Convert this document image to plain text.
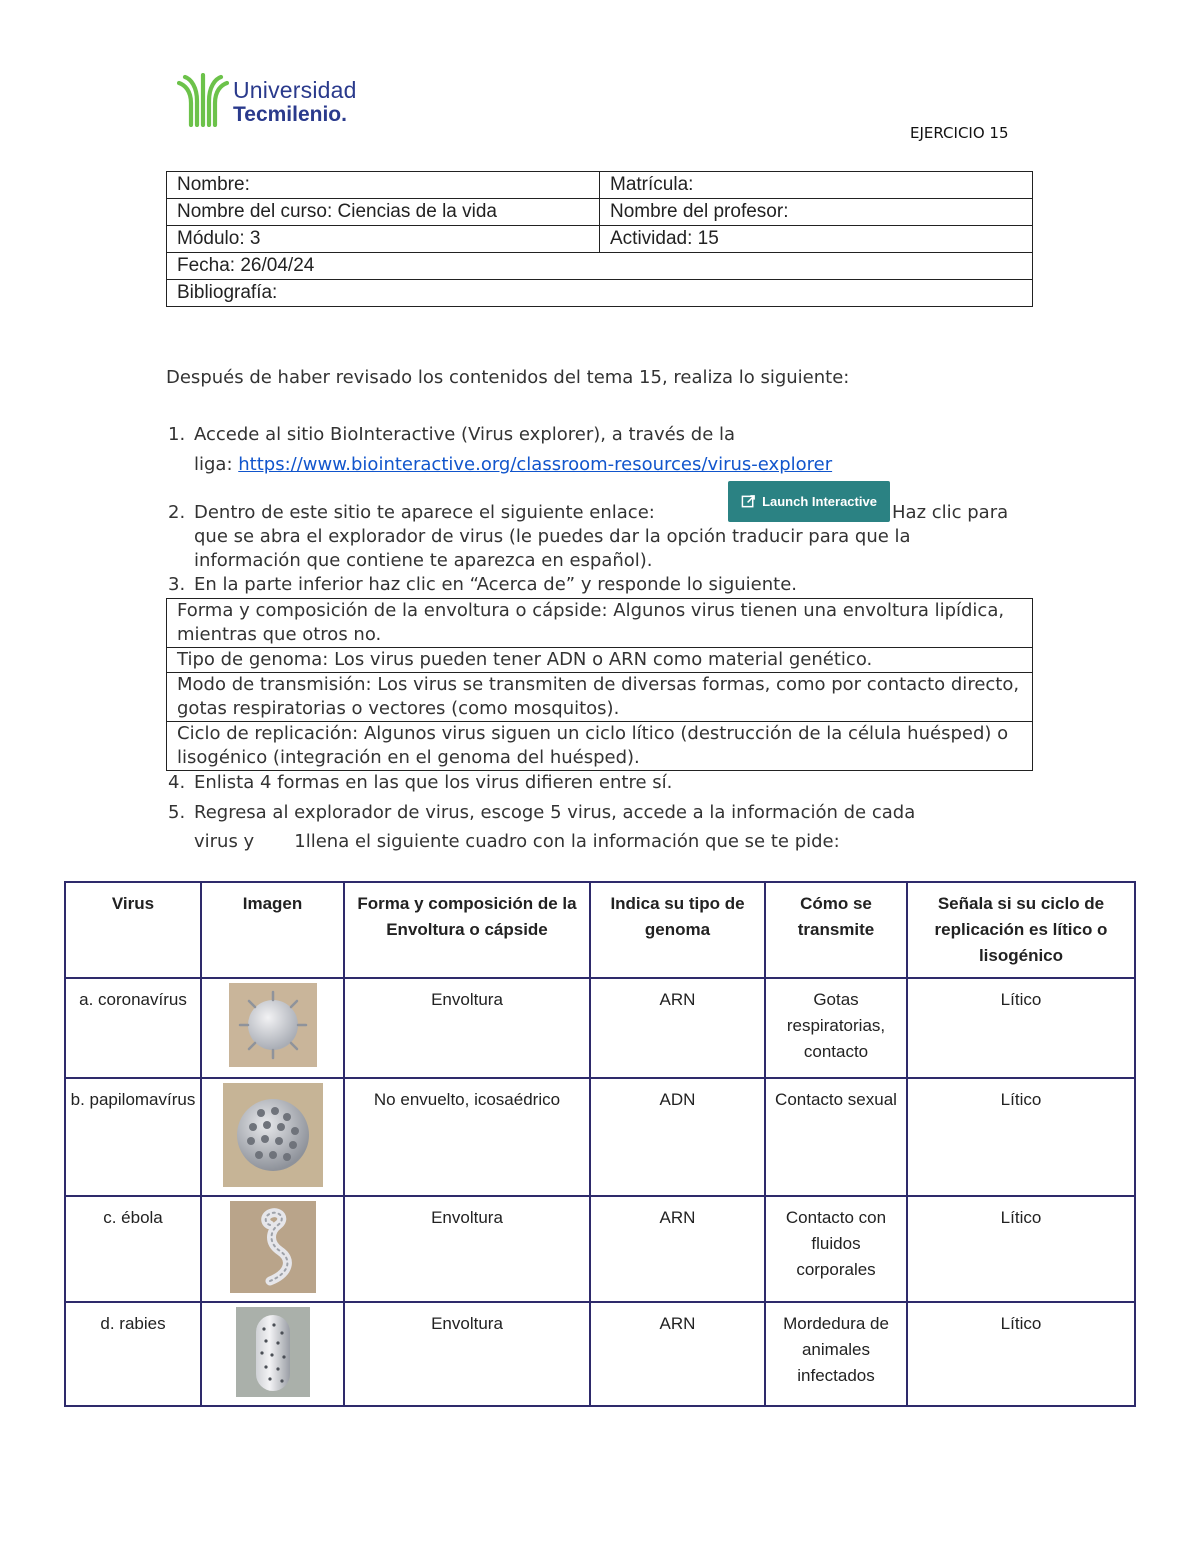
Universidad
Tecmilenio.
EJERCICIO 15
Nombre:	Matrícula:
Nombre del curso: Ciencias de la vida	Nombre del profesor:
Módulo: 3	Actividad: 15
Fecha: 26/04/24	
Bibliografía:	
Después de haber revisado los contenidos del tema 15, realiza lo siguiente:
1. Accede al sitio BioInteractive (Virus explorer), a través de la
liga: https://www.biointeractive.org/classroom-resources/virus-explorer
2. Dentro de este sitio te aparece el siguiente enlace:
Launch Interactive
Haz clic para
que se abra el explorador de virus (le puedes dar la opción traducir para que la
información que contiene te aparezca en español).
3. En la parte inferior haz clic en “Acerca de” y responde lo siguiente.
Forma y composición de la envoltura o cápside: Algunos virus tienen una envoltura lipídica, mientras que otros no.
Tipo de genoma: Los virus pueden tener ADN o ARN como material genético.
Modo de transmisión: Los virus se transmiten de diversas formas, como por contacto directo, gotas respiratorias o vectores (como mosquitos).
Ciclo de replicación: Algunos virus siguen un ciclo lítico (destrucción de la célula huésped) o lisogénico (integración en el genoma del huésped).
4. Enlista 4 formas en las que los virus difieren entre sí.
5. Regresa al explorador de virus, escoge 5 virus, accede a la información de cada
virus y       1llena el siguiente cuadro con la información que se te pide:
Virus	Imagen	Forma y composición de la Envoltura o cápside	Indica su tipo de genoma	Cómo se transmite	Señala si su ciclo de replicación es lítico o lisogénico
a. coronavírus		Envoltura	ARN	Gotas respiratorias, contacto	Lítico
b. papilomavírus		No envuelto, icosaédrico	ADN	Contacto sexual	Lítico
c. ébola		Envoltura	ARN	Contacto con fluidos corporales	Lítico
d. rabies		Envoltura	ARN	Mordedura de animales infectados	Lítico
